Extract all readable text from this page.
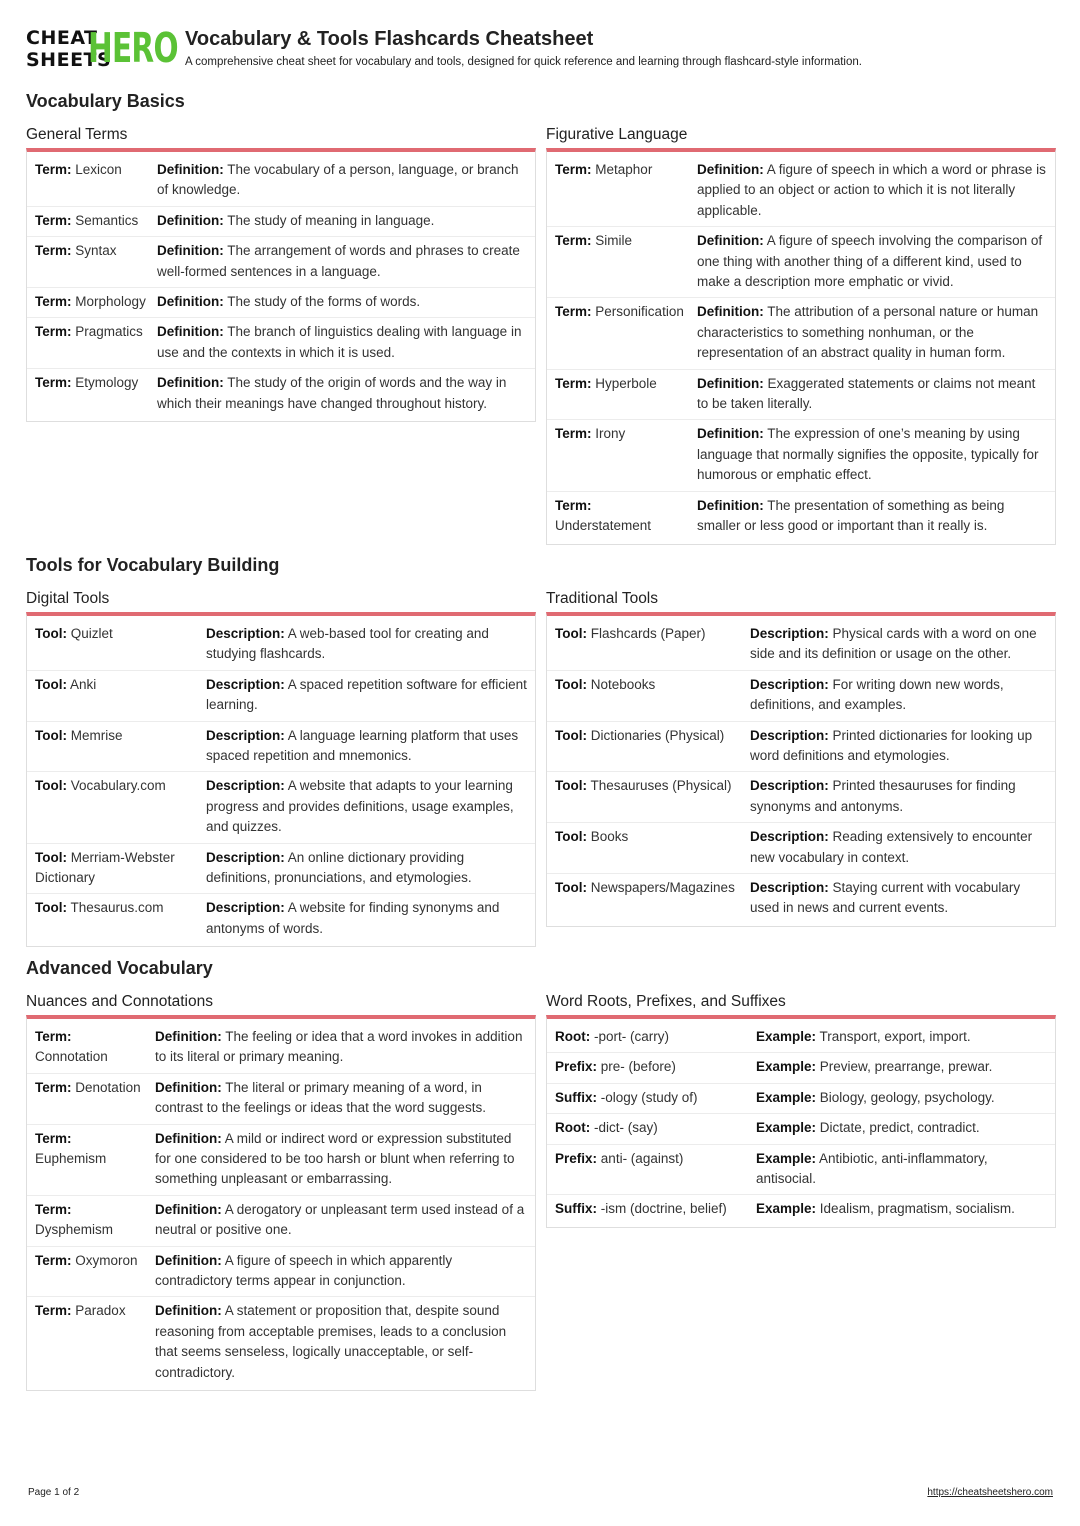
CHEAT
SHEETS
HERO Vocabulary & Tools Flashcards Cheatsheet
A comprehensive cheat sheet for vocabulary and tools, designed for quick reference and learning through flashcard-style information.
Vocabulary Basics
General Terms
Term: Lexicon	Definition: The vocabulary of a person, language, or branch of knowledge.
Term: Semantics	Definition: The study of meaning in language.
Term: Syntax	Definition: The arrangement of words and phrases to create well-formed sentences in a language.
Term: Morphology Definition: The study of the forms of words.
Term: Pragmatics	Definition: The branch of linguistics dealing with language in use and the contexts in which it is used.
Term: Etymology	Definition: The study of the origin of words and the way in which their meanings have changed throughout history.
Figurative Language
Term: Metaphor	Definition: A figure of speech in which a word or phrase is applied to an object or action to which it is not literally applicable.
Term: Simile	Definition: A figure of speech involving the comparison of one thing with another thing of a different kind, used to make a description more emphatic or vivid.
Term: Personification Definition: The attribution of a personal nature or human characteristics to something nonhuman, or the representation of an abstract quality in human form.
Term: Hyperbole	Definition: Exaggerated statements or claims not meant to be taken literally.
Term: Irony	Definition: The expression of one’s meaning by using language that normally signifies the opposite, typically for humorous or emphatic effect.
Term: Understatement
Definition: The presentation of something as being smaller or less good or important than it really is.
Tools for Vocabulary Building
Digital Tools
Tool: Quizlet	Description: A web-based tool for creating and studying flashcards.
Tool: Anki	Description: A spaced repetition software for efficient learning.
Tool: Memrise	Description: A language learning platform that uses spaced repetition and mnemonics.
Tool: Vocabulary.com	Description: A website that adapts to your learning progress and provides definitions, usage examples, and quizzes.
Tool: Merriam-Webster Dictionary
Description: An online dictionary providing definitions, pronunciations, and etymologies.
Tool: Thesaurus.com	Description: A website for finding synonyms and antonyms of words.
Traditional Tools
Tool: Flashcards (Paper)	Description: Physical cards with a word on one side and its definition or usage on the other.
Tool: Notebooks	Description: For writing down new words, definitions, and examples.
Tool: Dictionaries (Physical)	Description: Printed dictionaries for looking up word definitions and etymologies.
Tool: Thesauruses (Physical)	Description: Printed thesauruses for finding synonyms and antonyms.
Tool: Books	Description: Reading extensively to encounter new vocabulary in context.
Tool: Newspapers/Magazines	Description: Staying current with vocabulary used in news and current events.
Advanced Vocabulary
Nuances and Connotations
Term: Connotation
Definition: The feeling or idea that a word invokes in addition to its literal or primary meaning.
Term: Denotation	Definition: The literal or primary meaning of a word, in contrast to the feelings or ideas that the word suggests.
Term: Euphemism
Definition: A mild or indirect word or expression substituted for one considered to be too harsh or blunt when referring to something unpleasant or embarrassing.
Term: Dysphemism
Definition: A derogatory or unpleasant term used instead of a neutral or positive one.
Term: Oxymoron	Definition: A figure of speech in which apparently contradictory terms appear in conjunction.
Term: Paradox	Definition: A statement or proposition that, despite sound reasoning from acceptable premises, leads to a conclusion that seems senseless, logically unacceptable, or self-contradictory.
Word Roots, Prefixes, and Suffixes
Root: -port- (carry)	Example: Transport, export, import.
Prefix: pre- (before)	Example: Preview, prearrange, prewar.
Suffix: -ology (study of)	Example: Biology, geology, psychology.
Root: -dict- (say)	Example: Dictate, predict, contradict.
Prefix: anti- (against)	Example: Antibiotic, anti-inflammatory, antisocial.
Suffix: -ism (doctrine, belief)	Example: Idealism, pragmatism, socialism.
Page 1 of 2	https://cheatsheetshero.com
